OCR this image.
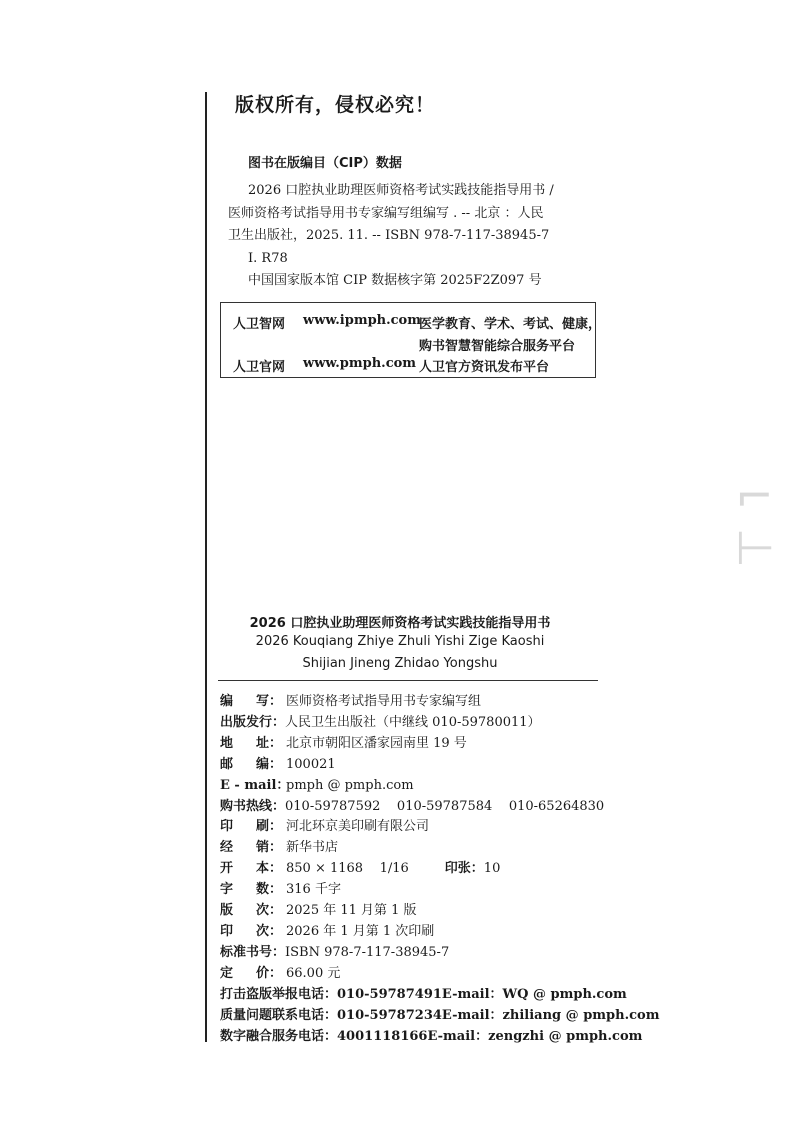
⌐
⊢
版权所有，侵权必究！
图书在版编目（CIP）数据
2026 口腔执业助理医师资格考试实践技能指导用书 /
医师资格考试指导用书专家编写组编写 . -- 北京 ：人民
卫生出版社，2025. 11. -- ISBN 978-7-117-38945-7
Ⅰ. R78
中国国家版本馆 CIP 数据核字第 2025F2Z097 号
人卫智网 www.ipmph.com
医学教育、学术、考试、健康，
购书智慧智能综合服务平台
人卫官网 www.pmph.com 人卫官方资讯发布平台
2026 口腔执业助理医师资格考试实践技能指导用书
2026 Kouqiang Zhiye Zhuli Yishi Zige Kaoshi
Shijian Jineng Zhidao Yongshu
编 写： 医师资格考试指导用书专家编写组
出版发行： 人民卫生出版社（中继线 010-59780011）
地 址： 北京市朝阳区潘家园南里 19 号
邮 编： 100021
E - mail：
pmph @ pmph.com
购书热线： 010-59787592    010-59787584    010-65264830
印 刷： 河北环京美印刷有限公司
经 销： 新华书店
开 本： 850 × 1168    1/16	印张： 10
字 数： 316 千字
版 次： 2025 年 11 月第 1 版
印 次： 2026 年 1 月第 1 次印刷
标准书号： ISBN 978-7-117-38945-7
定 价： 66.00 元
打击盗版举报电话： 010-59787491 E-mail： WQ @ pmph.com
质量问题联系电话： 010-59787234 E-mail： zhiliang @ pmph.com
数字融合服务电话： 4001118166 E-mail： zengzhi @ pmph.com
